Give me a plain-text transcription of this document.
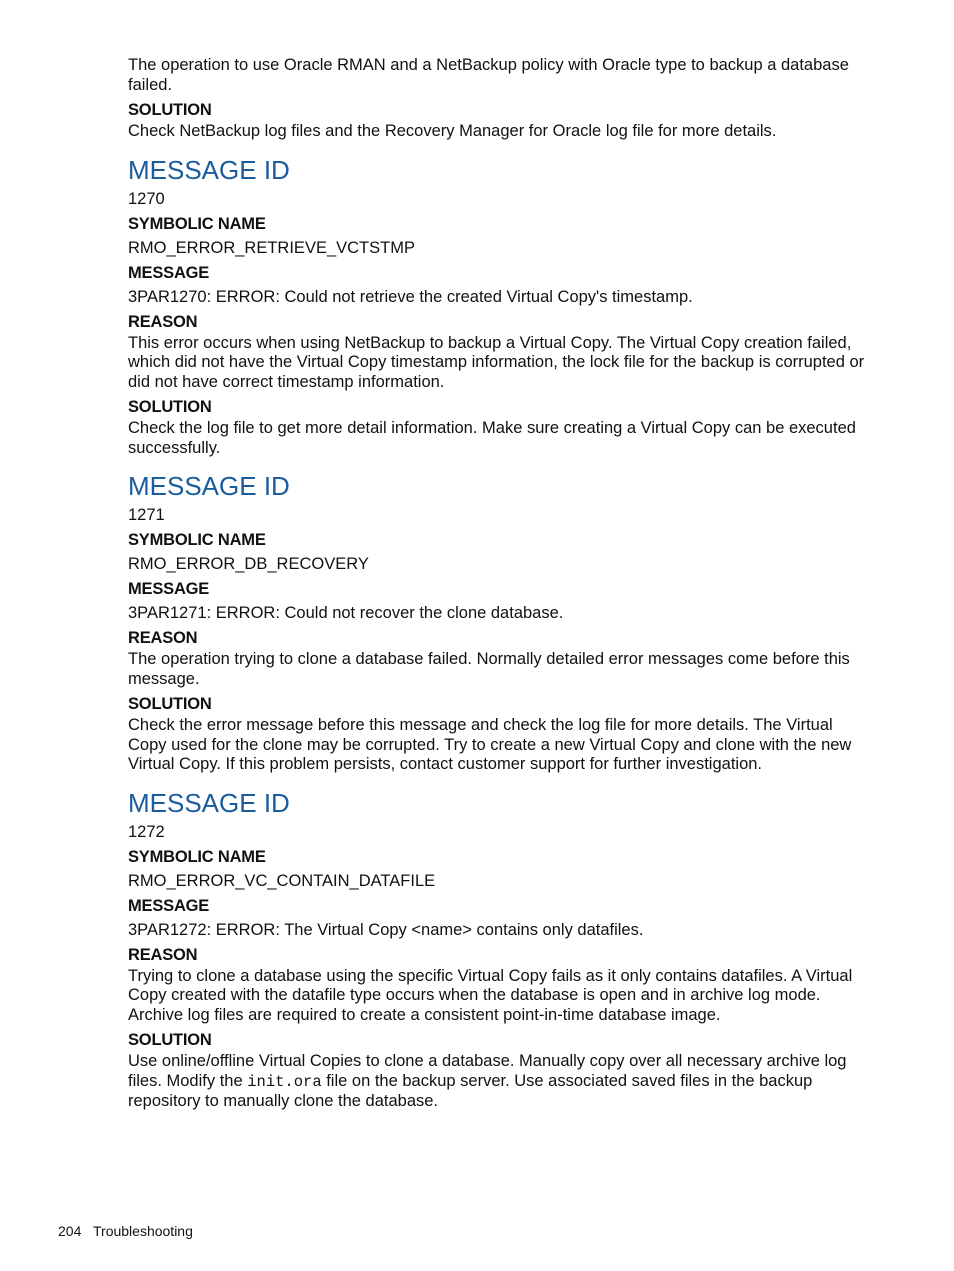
The operation to use Oracle RMAN and a NetBackup policy with Oracle type to backup a database failed.

SOLUTION

Check NetBackup log files and the Recovery Manager for Oracle log file for more details.

MESSAGE ID
1270
SYMBOLIC NAME
RMO_ERROR_RETRIEVE_VCTSTMP
MESSAGE
3PAR1270: ERROR: Could not retrieve the created Virtual Copy's timestamp.
REASON

This error occurs when using NetBackup to backup a Virtual Copy. The Virtual Copy creation failed, which did not have the Virtual Copy timestamp information, the lock file for the backup is corrupted or did not have correct timestamp information.

SOLUTION

Check the log file to get more detail information. Make sure creating a Virtual Copy can be executed successfully.

MESSAGE ID
1271
SYMBOLIC NAME
RMO_ERROR_DB_RECOVERY
MESSAGE
3PAR1271: ERROR: Could not recover the clone database.
REASON

The operation trying to clone a database failed. Normally detailed error messages come before this message.

SOLUTION

Check the error message before this message and check the log file for more details. The Virtual Copy used for the clone may be corrupted. Try to create a new Virtual Copy and clone with the new Virtual Copy. If this problem persists, contact customer support for further investigation.

MESSAGE ID
1272
SYMBOLIC NAME
RMO_ERROR_VC_CONTAIN_DATAFILE
MESSAGE
3PAR1272: ERROR: The Virtual Copy <name> contains only datafiles.
REASON

Trying to clone a database using the specific Virtual Copy fails as it only contains datafiles. A Virtual Copy created with the datafile type occurs when the database is open and in archive log mode. Archive log files are required to create a consistent point-in-time database image.

SOLUTION

Use online/offline Virtual Copies to clone a database. Manually copy over all necessary archive log files. Modify the init.ora file on the backup server. Use associated saved files in the backup repository to manually clone the database.

204 Troubleshooting
